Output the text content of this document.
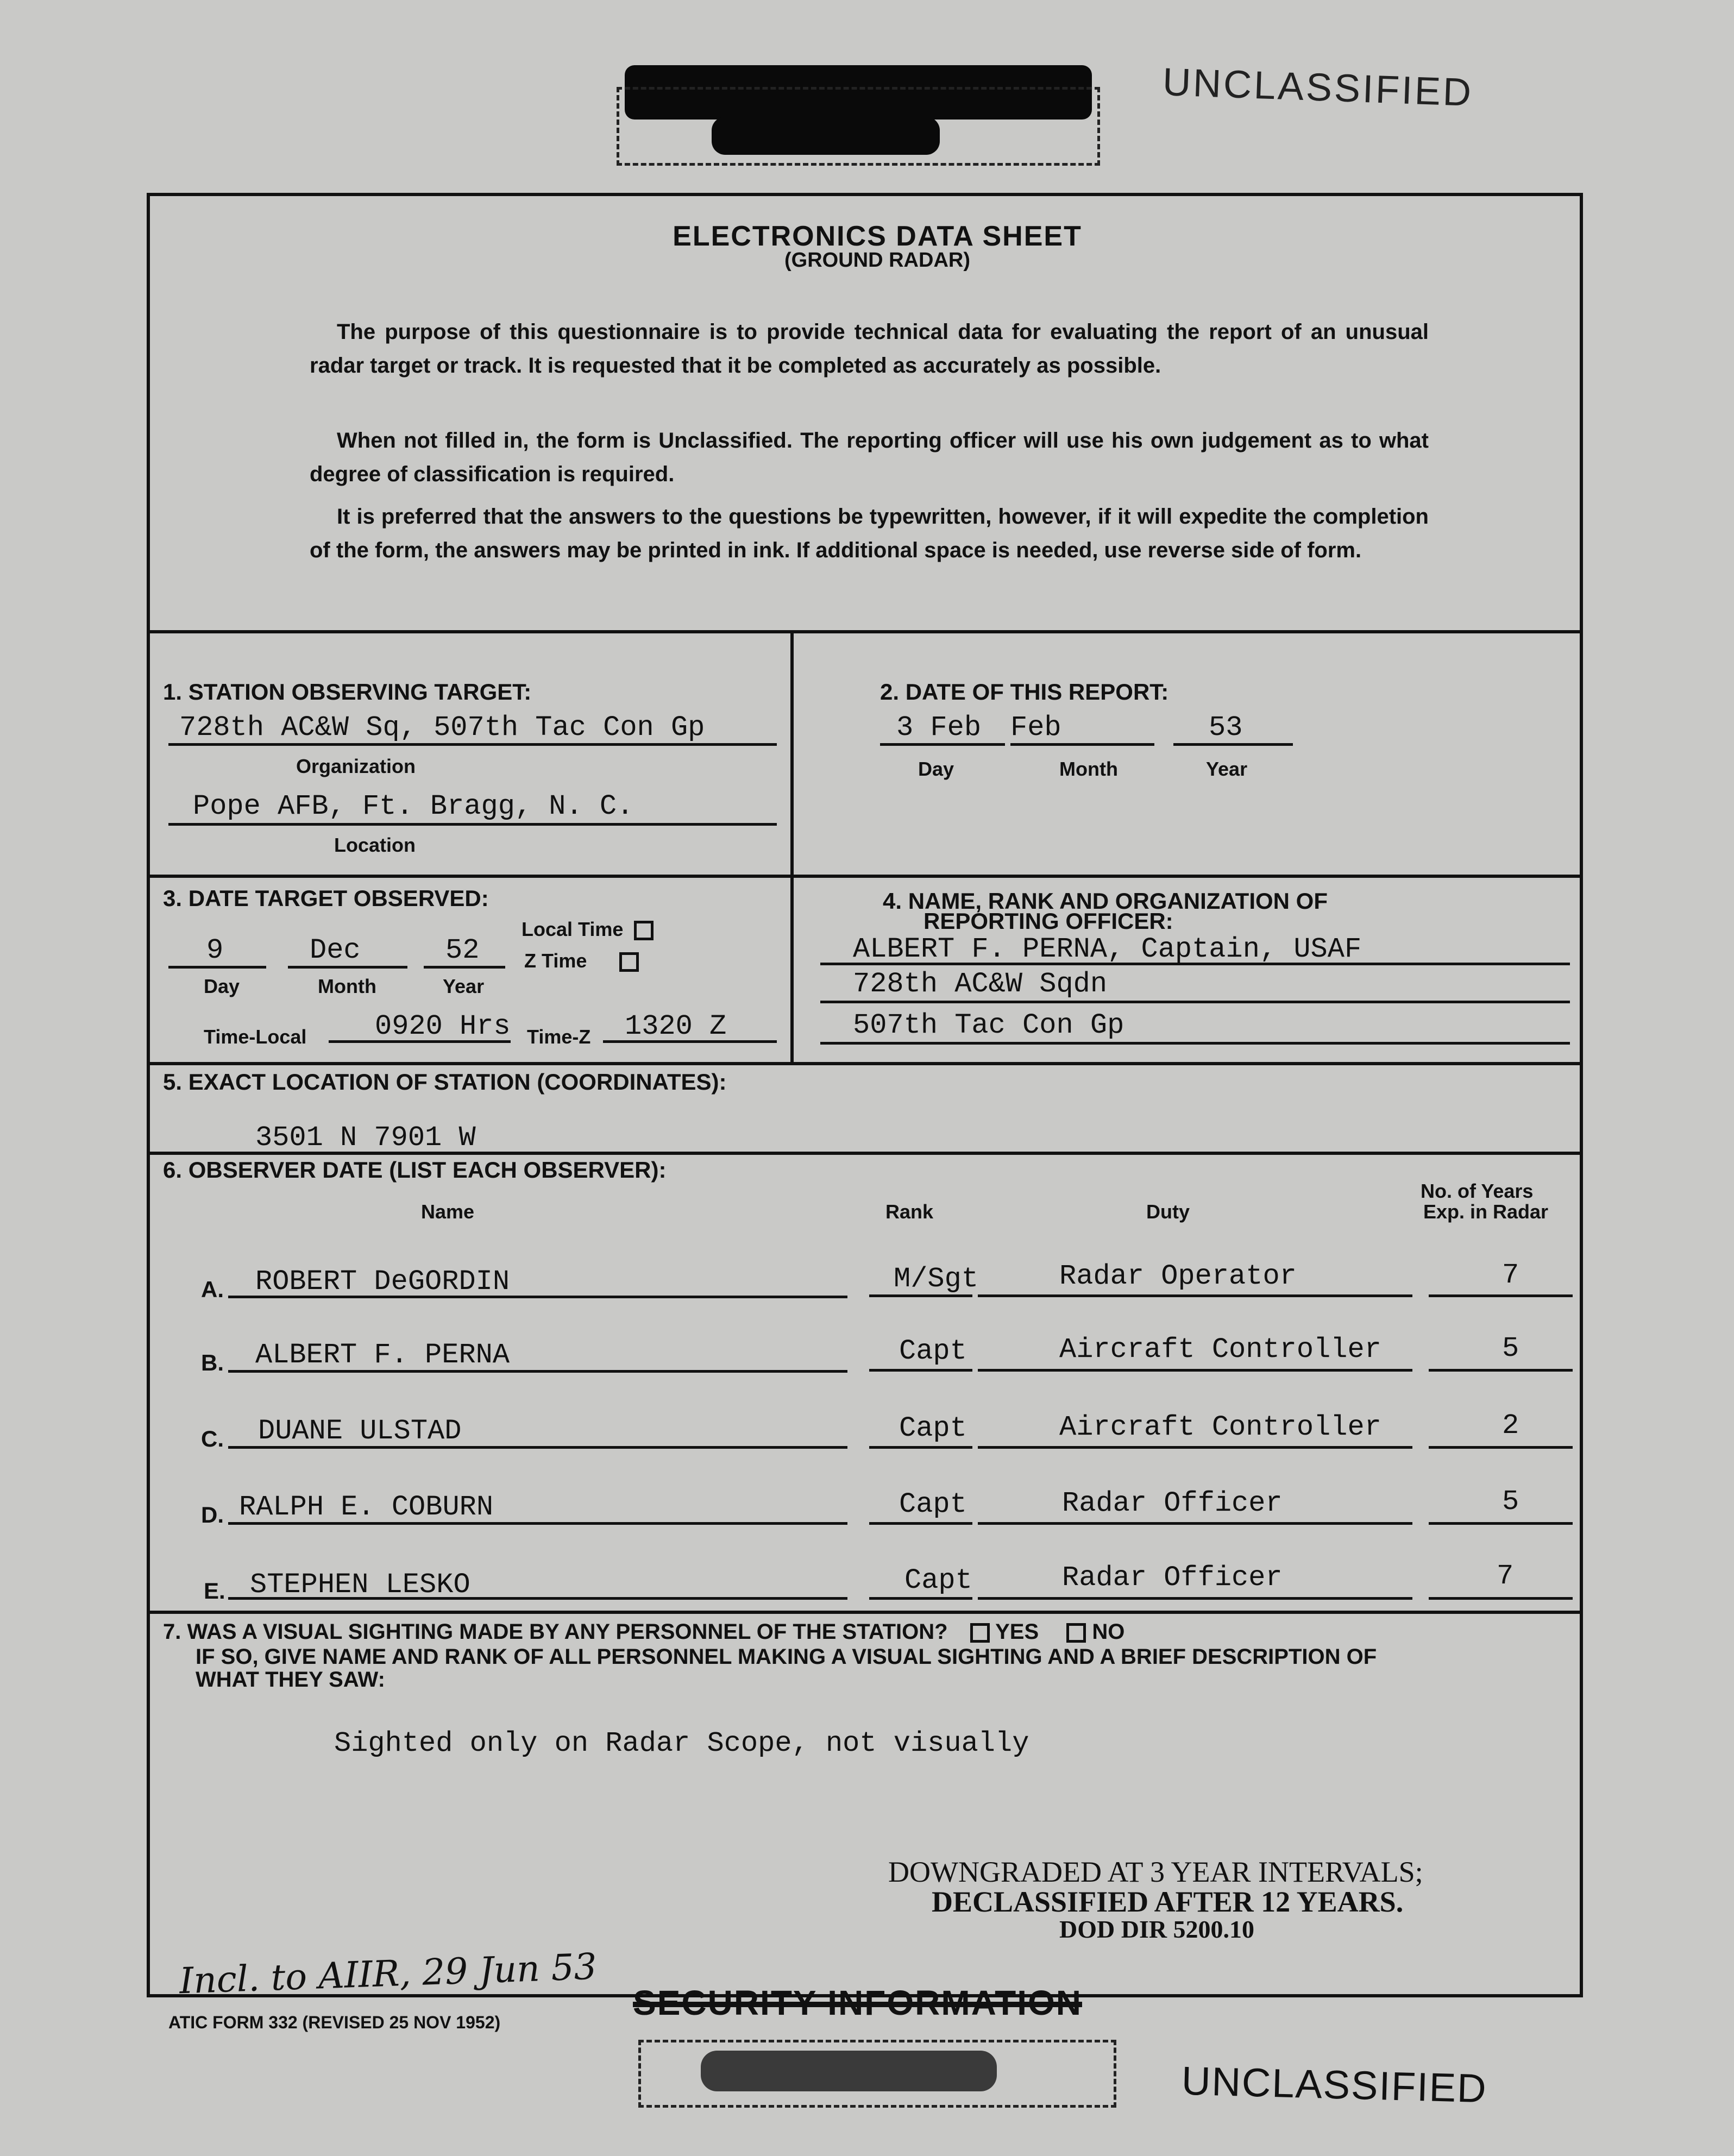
UNCLASSIFIED
ELECTRONICS DATA SHEET
(GROUND RADAR)
The purpose of this questionnaire is to provide technical data for evaluating the report of an unusual radar target or track. It is requested that it be completed as accurately as possible.
When not filled in, the form is Unclassified. The reporting officer will use his own judgement as to what degree of classification is required.
It is preferred that the answers to the questions be typewritten, however, if it will expedite the completion of the form, the answers may be printed in ink. If additional space is needed, use reverse side of form.
1. STATION OBSERVING TARGET:
728th AC&W Sq, 507th Tac Con Gp
Organization
Pope AFB, Ft. Bragg, N. C.
Location
2. DATE OF THIS REPORT:
3 Feb Feb	53
Day	Month	Year
3. DATE TARGET OBSERVED:
Local Time
Z Time
9	Dec	52
Day	Month	Year
Time-Local 0920 Hrs Time-Z 1320 Z
4. NAME, RANK AND ORGANIZATION OF
REPORTING OFFICER:
ALBERT F. PERNA, Captain, USAF
728th AC&W Sqdn
507th Tac Con Gp
5. EXACT LOCATION OF STATION (COORDINATES):
3501 N 7901 W
6. OBSERVER DATE (LIST EACH OBSERVER):
Name	Rank	Duty
No. of Years
Exp. in Radar
A. ROBERT DeGORDIN	M/Sgt	Radar Operator	7
B. ALBERT F. PERNA	Capt	Aircraft Controller	5
C. DUANE ULSTAD	Capt	Aircraft Controller	2
D. RALPH E. COBURN	Capt	Radar Officer	5
E. STEPHEN LESKO	Capt	Radar Officer	7
7. WAS A VISUAL SIGHTING MADE BY ANY PERSONNEL OF THE STATION? YES NO
IF SO, GIVE NAME AND RANK OF ALL PERSONNEL MAKING A VISUAL SIGHTING AND A BRIEF DESCRIPTION OF
WHAT THEY SAW:
Sighted only on Radar Scope, not visually
DOWNGRADED AT 3 YEAR INTERVALS;
DECLASSIFIED AFTER 12 YEARS.
DOD DIR 5200.10
Incl. to AIIR, 29 Jun 53
SECURITY INFORMATION
ATIC FORM 332 (REVISED 25 NOV 1952)
UNCLASSIFIED
